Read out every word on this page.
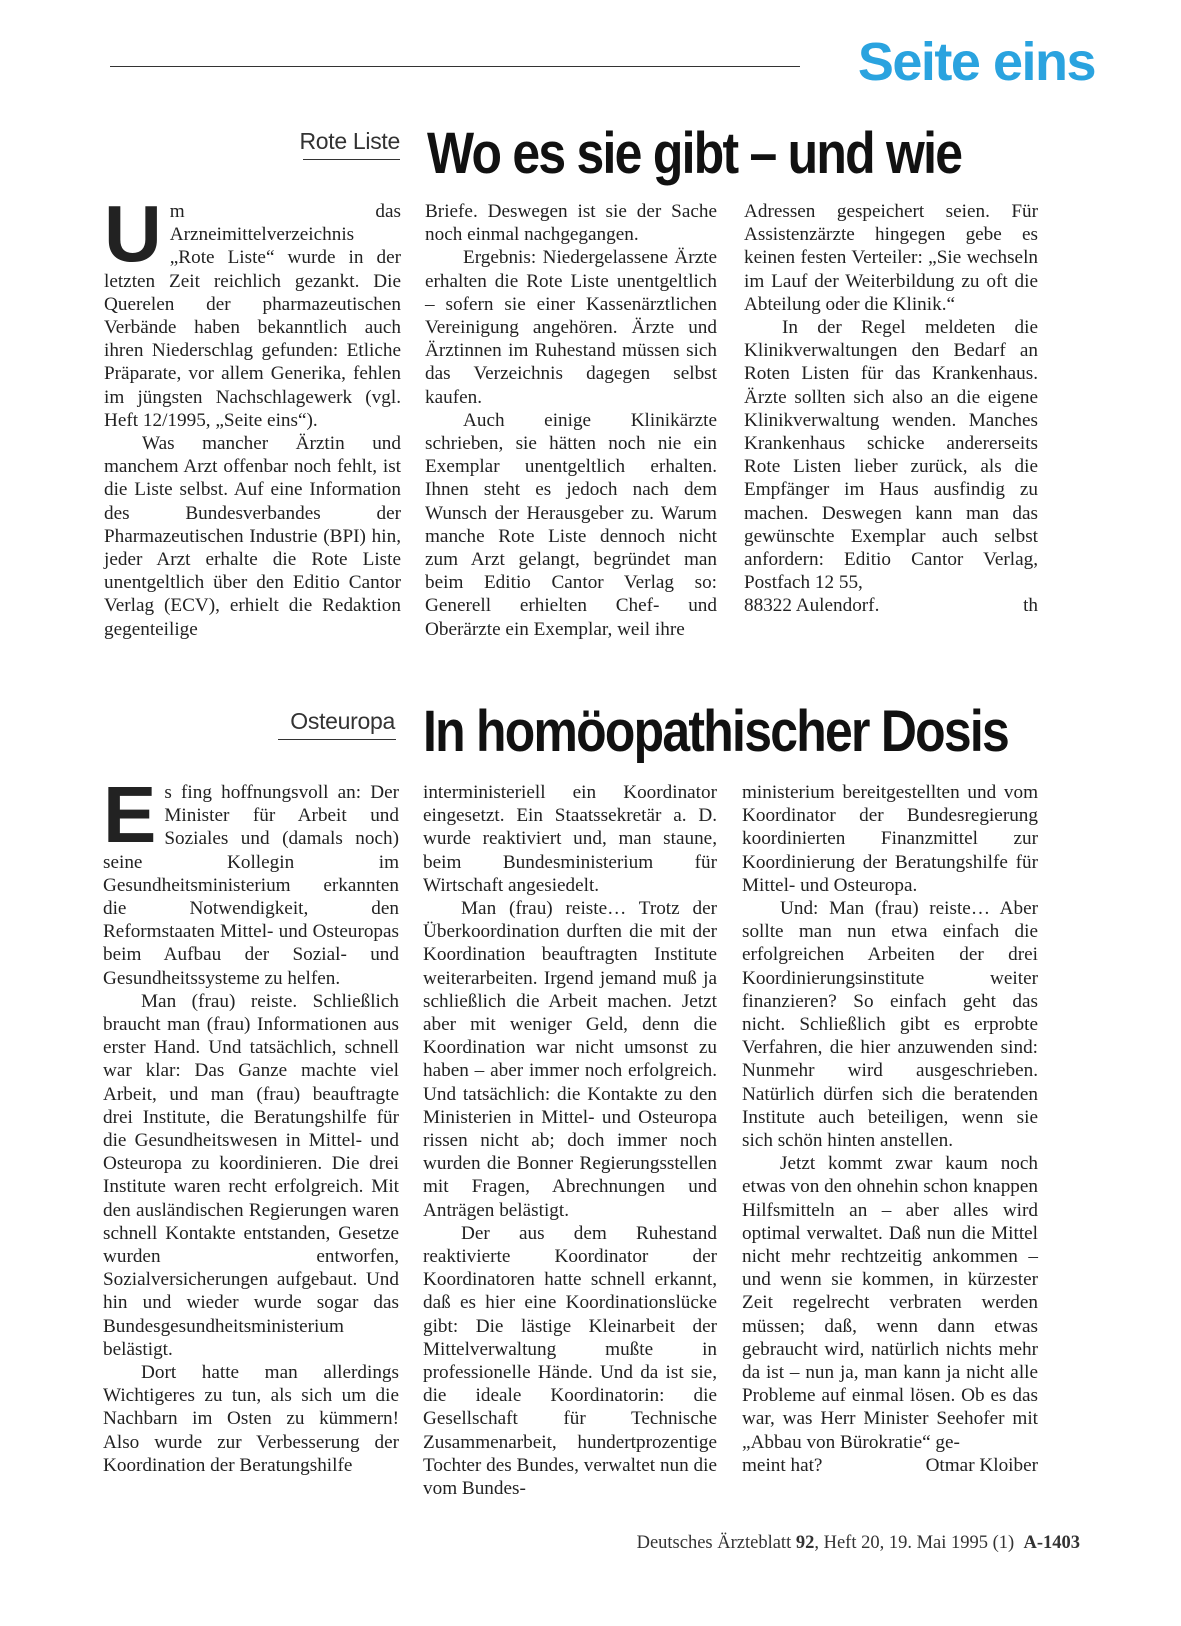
Seite eins
Rote Liste Wo es sie gibt – und wie
U m das Arzneimittelverzeichnis „Rote Liste“ wurde in der letzten Zeit reichlich gezankt. Die Querelen der pharmazeutischen Verbände haben bekanntlich auch ihren Niederschlag gefunden: Etliche Präparate, vor allem Generika, fehlen im jüngsten Nachschlagewerk (vgl. Heft 12/1995, „Seite eins“).

Was mancher Ärztin und manchem Arzt offenbar noch fehlt, ist die Liste selbst. Auf eine Information des Bundesverbandes der Pharmazeutischen Industrie (BPI) hin, jeder Arzt erhalte die Rote Liste unentgeltlich über den Editio Cantor Verlag (ECV), erhielt die Redaktion gegenteilige

Briefe. Deswegen ist sie der Sache noch einmal nachgegangen.

Ergebnis: Niedergelassene Ärzte erhalten die Rote Liste unentgeltlich – sofern sie einer Kassenärztlichen Vereinigung angehören. Ärzte und Ärztinnen im Ruhestand müssen sich das Verzeichnis dagegen selbst kaufen.

Auch einige Klinikärzte schrieben, sie hätten noch nie ein Exemplar unentgeltlich erhalten. Ihnen steht es jedoch nach dem Wunsch der Herausgeber zu. Warum manche Rote Liste dennoch nicht zum Arzt gelangt, begründet man beim Editio Cantor Verlag so: Generell erhielten Chef- und Oberärzte ein Exemplar, weil ihre

Adressen gespeichert seien. Für Assistenzärzte hingegen gebe es keinen festen Verteiler: „Sie wechseln im Lauf der Weiterbildung zu oft die Abteilung oder die Klinik.“

In der Regel meldeten die Klinikverwaltungen den Bedarf an Roten Listen für das Krankenhaus. Ärzte sollten sich also an die eigene Klinikverwaltung wenden. Manches Krankenhaus schicke andererseits Rote Listen lieber zurück, als die Empfänger im Haus ausfindig zu machen. Deswegen kann man das gewünschte Exemplar auch selbst anfordern: Editio Cantor Verlag, Postfach 12 55,

88322 Aulendorf.	th
Osteuropa In homöopathischer Dosis
E s fing hoffnungsvoll an: Der Minister für Arbeit und Soziales und (damals noch) seine Kollegin im Gesundheitsministerium erkannten die Notwendigkeit, den Reformstaaten Mittel- und Osteuropas beim Aufbau der Sozial- und Gesundheitssysteme zu helfen.

Man (frau) reiste. Schließlich braucht man (frau) Informationen aus erster Hand. Und tatsächlich, schnell war klar: Das Ganze machte viel Arbeit, und man (frau) beauftragte drei Institute, die Beratungshilfe für die Gesundheitswesen in Mittel- und Osteuropa zu koordinieren. Die drei Institute waren recht erfolgreich. Mit den ausländischen Regierungen waren schnell Kontakte entstanden, Gesetze wurden entworfen, Sozialversicherungen aufgebaut. Und hin und wieder wurde sogar das Bundesgesundheitsministerium belästigt.

Dort hatte man allerdings Wichtigeres zu tun, als sich um die Nachbarn im Osten zu kümmern! Also wurde zur Verbesserung der Koordination der Beratungshilfe

interministeriell ein Koordinator eingesetzt. Ein Staatssekretär a. D. wurde reaktiviert und, man staune, beim Bundesministerium für Wirtschaft angesiedelt.

Man (frau) reiste… Trotz der Überkoordination durften die mit der Koordination beauftragten Institute weiterarbeiten. Irgend jemand muß ja schließlich die Arbeit machen. Jetzt aber mit weniger Geld, denn die Koordination war nicht umsonst zu haben – aber immer noch erfolgreich. Und tatsächlich: die Kontakte zu den Ministerien in Mittel- und Osteuropa rissen nicht ab; doch immer noch wurden die Bonner Regierungsstellen mit Fragen, Abrechnungen und Anträgen belästigt.

Der aus dem Ruhestand reaktivierte Koordinator der Koordinatoren hatte schnell erkannt, daß es hier eine Koordinationslücke gibt: Die lästige Kleinarbeit der Mittelverwaltung mußte in professionelle Hände. Und da ist sie, die ideale Koordinatorin: die Gesellschaft für Technische Zusammenarbeit, hundertprozentige Tochter des Bundes, verwaltet nun die vom Bundes-

ministerium bereitgestellten und vom Koordinator der Bundesregierung koordinierten Finanzmittel zur Koordinierung der Beratungshilfe für Mittel- und Osteuropa.

Und: Man (frau) reiste… Aber sollte man nun etwa einfach die erfolgreichen Arbeiten der drei Koordinierungsinstitute weiter finanzieren? So einfach geht das nicht. Schließlich gibt es erprobte Verfahren, die hier anzuwenden sind: Nunmehr wird ausgeschrieben. Natürlich dürfen sich die beratenden Institute auch beteiligen, wenn sie sich schön hinten anstellen.

Jetzt kommt zwar kaum noch etwas von den ohnehin schon knappen Hilfsmitteln an – aber alles wird optimal verwaltet. Daß nun die Mittel nicht mehr rechtzeitig ankommen – und wenn sie kommen, in kürzester Zeit regelrecht verbraten werden müssen; daß, wenn dann etwas gebraucht wird, natürlich nichts mehr da ist – nun ja, man kann ja nicht alle Probleme auf einmal lösen. Ob es das war, was Herr Minister Seehofer mit „Abbau von Bürokratie“ ge-

meint hat?	Otmar Kloiber
Deutsches Ärzteblatt 92, Heft 20, 19. Mai 1995 (1) A-1403
